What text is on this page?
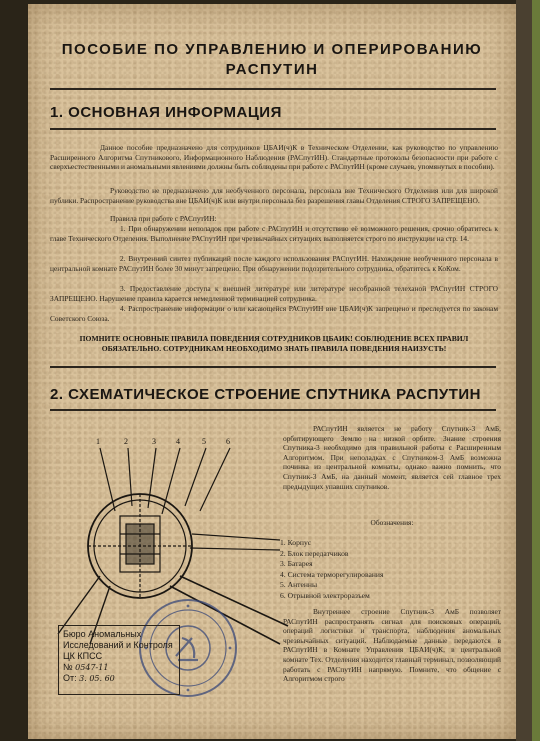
ПОСОБИЕ ПО УПРАВЛЕНИЮ И ОПЕРИРОВАНИЮ
РАСПУТИН
1. ОСНОВНАЯ ИНФОРМАЦИЯ
Данное пособие предназначено для сотрудников ЦБАИ(ч)К в Техническом Отделении, как руководство по управлению Расширенного Алгоритма Спутникового, Информационного Наблюдения (РАСпутИН). Стандартные протоколы безопасности при работе с сверхъестественными и аномальными явлениями должны быть соблюдены при работе с РАСпутИН (кроме случаев, упомянутых в пособии).
Руководство не предназначено для необученного персонала, персонала вне Технического Отделения или для широкой публики. Распространение руководства вне ЦБАИ(ч)К или внутри персонала без разрешения главы Отделения СТРОГО ЗАПРЕЩЕНО.
Правила при работе с РАСпутИН:
1. При обнаружении неполадок при работе с РАСпутИН и отсутствию её возможного решения, срочно обратитесь к главе Технического Отделения. Выполнение РАСпутИН при чрезвычайных ситуациях выполняется строго по инструкции на стр. 14.
2. Внутренний синтез публикаций после каждого использования РАСпутИН. Нахождение необученного персонала в центральной комнате РАСпутИН более 30 минут запрещено. При обнаружении подозрительного сотрудника, обратитесь к КоКом.
3. Предоставление доступа к внешней литературе или литературе несобранной телеханой РАСпутИН СТРОГО ЗАПРЕЩЕНО. Нарушение правила карается немедленной терминацией сотрудника.
4. Распространение информации о или касающейся РАСпутИН вне ЦБАИ(ч)К запрещено и преследуется по законам Советского Союза.
ПОМНИТЕ ОСНОВНЫЕ ПРАВИЛА ПОВЕДЕНИЯ СОТРУДНИКОВ ЦБАИК! СОБЛЮДЕНИЕ ВСЕХ ПРАВИЛ ОБЯЗАТЕЛЬНО. СОТРУДНИКАМ НЕОБХОДИМО ЗНАТЬ ПРАВИЛА ПОВЕДЕНИЯ НАИЗУСТЬ!
2. СХЕМАТИЧЕСКОЕ СТРОЕНИЕ СПУТНИКА РАСПУТИН
1	2	3	4	5	6
РАСпутИН является не работу Спутник-3 АмБ, орбитирующего Землю на низкой орбите. Знание строения Спутника-3 необходимо для правильной работы с Расширенным Алгоритмом. При неполадках с Спутником-3 АмБ возможна починка из центральной комнаты, однако важно помнить, что Спутник-3 АмБ, на данный момент, является сей главное трех предыдущих упавших спутников.
Обозначения:
1. Корпус
2. Блок передатчиков
3. Батарея
4. Система терморегулирования
5. Антенны
6. Отрывной электроразъем
Внутреннее строение Спутник-3 АмБ позволяет РАСпутИН распространять сигнал для поисковых операций, операций логистики и транспорта, наблюдения аномальных чрезвычайных ситуаций. Наблюдаемые данные передаются в РАСпутИН в Комнате Управления ЦБАИ(ч)К, в центральной комнате Тех. Отделения находится главный терминал, позволяющий работать с РАСпутИН напрямую. Помните, что общение с Алгоритмом строго
Бюро Аномальных
Исследований и Контроля
ЦК КПСС
№ 0547-11
От: 3. 05. 60
